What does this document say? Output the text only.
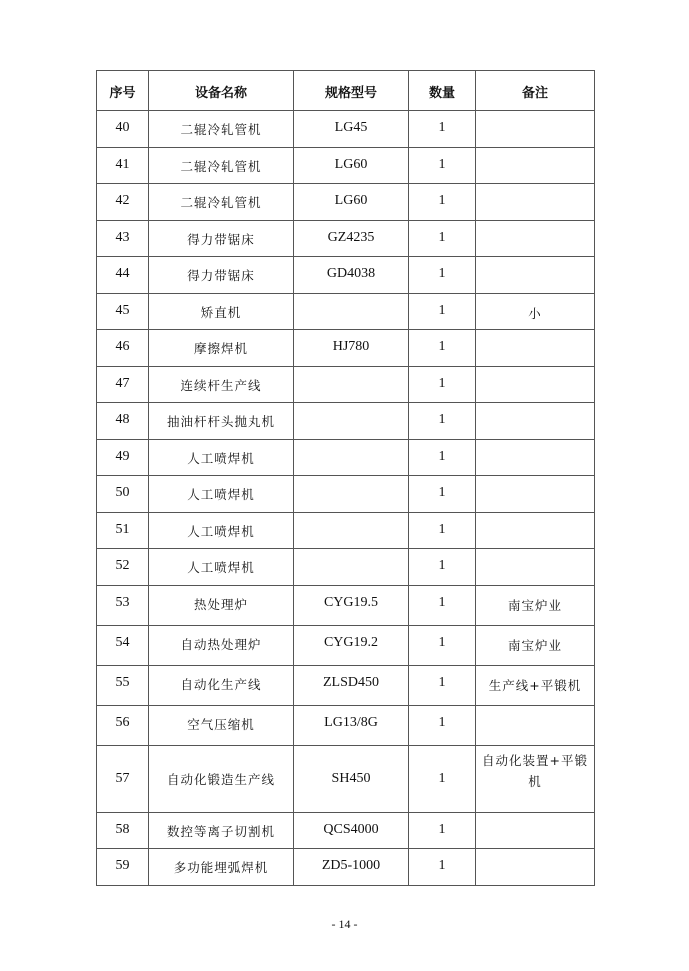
序号	设备名称	规格型号	数量	备注
40	二辊冷轧管机	LG45	1	
41	二辊冷轧管机	LG60	1	
42	二辊冷轧管机	LG60	1	
43	得力带锯床	GZ4235	1	
44	得力带锯床	GD4038	1	
45	矫直机		1	小
46	摩擦焊机	HJ780	1	
47	连续杆生产线		1	
48	抽油杆杆头抛丸机		1	
49	人工喷焊机		1	
50	人工喷焊机		1	
51	人工喷焊机		1	
52	人工喷焊机		1	
53	热处理炉	CYG19.5	1	南宝炉业
54	自动热处理炉	CYG19.2	1	南宝炉业
55	自动化生产线	ZLSD450	1	生产线+平锻机
56	空气压缩机	LG13/8G	1	
57	自动化锻造生产线	SH450	1	自动化装置+平锻机
58	数控等离子切割机	QCS4000	1	
59	多功能埋弧焊机	ZD5-1000	1	
- 14 -
